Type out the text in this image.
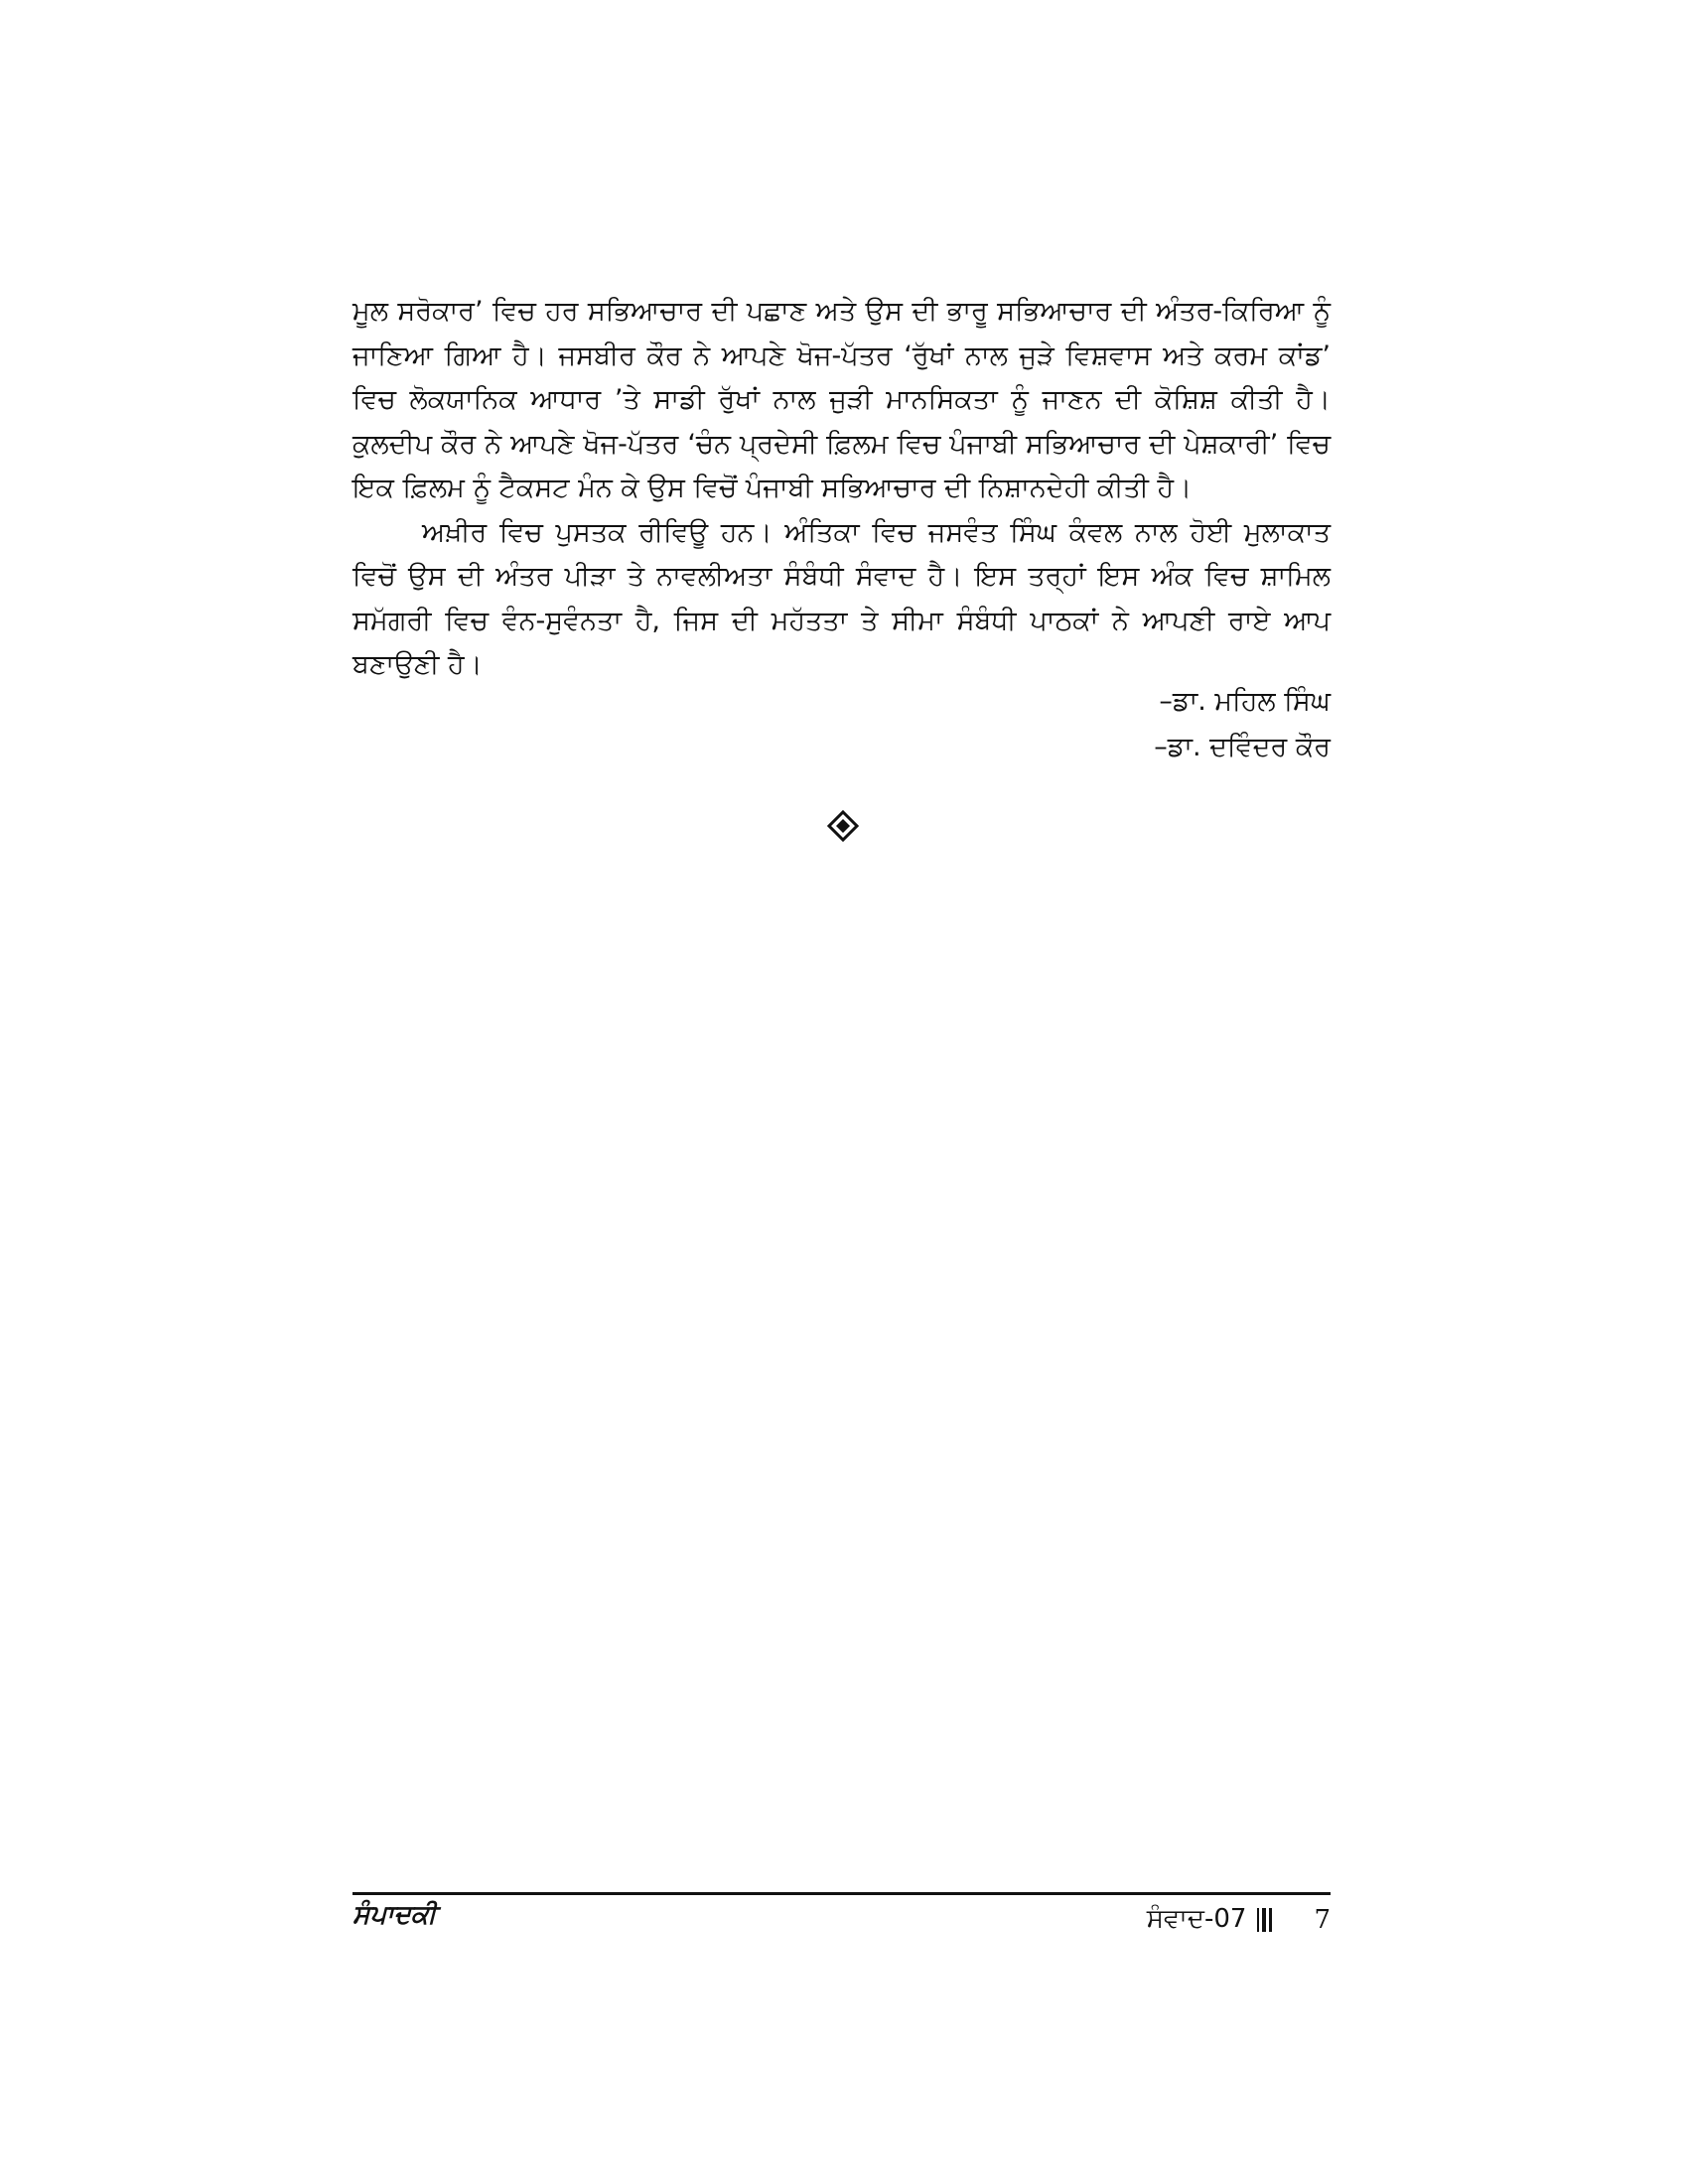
ਮੂਲ ਸਰੋਕਾਰ’ ਵਿਚ ਹਰ ਸਭਿਆਚਾਰ ਦੀ ਪਛਾਣ ਅਤੇ ਉਸ ਦੀ ਭਾਰੂ ਸਭਿਆਚਾਰ ਦੀ ਅੰਤਰ-ਕਿਰਿਆ ਨੂੰ ਜਾਣਿਆ ਗਿਆ ਹੈ। ਜਸਬੀਰ ਕੌਰ ਨੇ ਆਪਣੇ ਖੋਜ-ਪੱਤਰ ‘ਰੁੱਖਾਂ ਨਾਲ ਜੁੜੇ ਵਿਸ਼ਵਾਸ ਅਤੇ ਕਰਮ ਕਾਂਡ’ ਵਿਚ ਲੋਕਯਾਨਿਕ ਆਧਾਰ ’ਤੇ ਸਾਡੀ ਰੁੱਖਾਂ ਨਾਲ ਜੁੜੀ ਮਾਨਸਿਕਤਾ ਨੂੰ ਜਾਣਨ ਦੀ ਕੋਸ਼ਿਸ਼ ਕੀਤੀ ਹੈ। ਕੁਲਦੀਪ ਕੌਰ ਨੇ ਆਪਣੇ ਖੋਜ-ਪੱਤਰ ‘ਚੰਨ ਪ੍ਰਦੇਸੀ ਫ਼ਿਲਮ ਵਿਚ ਪੰਜਾਬੀ ਸਭਿਆਚਾਰ ਦੀ ਪੇਸ਼ਕਾਰੀ’ ਵਿਚ ਇਕ ਫ਼ਿਲਮ ਨੂੰ ਟੈਕਸਟ ਮੰਨ ਕੇ ਉਸ ਵਿਚੋਂ ਪੰਜਾਬੀ ਸਭਿਆਚਾਰ ਦੀ ਨਿਸ਼ਾਨਦੇਹੀ ਕੀਤੀ ਹੈ।

ਅਖ਼ੀਰ ਵਿਚ ਪੁਸਤਕ ਰੀਵਿਊ ਹਨ। ਅੰਤਿਕਾ ਵਿਚ ਜਸਵੰਤ ਸਿੰਘ ਕੰਵਲ ਨਾਲ ਹੋਈ ਮੁਲਾਕਾਤ ਵਿਚੋਂ ਉਸ ਦੀ ਅੰਤਰ ਪੀੜਾ ਤੇ ਨਾਵਲੀਅਤਾ ਸੰਬੰਧੀ ਸੰਵਾਦ ਹੈ। ਇਸ ਤਰ੍ਹਾਂ ਇਸ ਅੰਕ ਵਿਚ ਸ਼ਾਮਿਲ ਸਮੱਗਰੀ ਵਿਚ ਵੰਨ-ਸੁਵੰਨਤਾ ਹੈ, ਜਿਸ ਦੀ ਮਹੱਤਤਾ ਤੇ ਸੀਮਾ ਸੰਬੰਧੀ ਪਾਠਕਾਂ ਨੇ ਆਪਣੀ ਰਾਏ ਆਪ ਬਣਾਉਣੀ ਹੈ।

–ਡਾ. ਮਹਿਲ ਸਿੰਘ
–ਡਾ. ਦਵਿੰਦਰ ਕੌਰ
ਸੰਪਾਦਕੀ	ਸੰਵਾਦ-07	7
